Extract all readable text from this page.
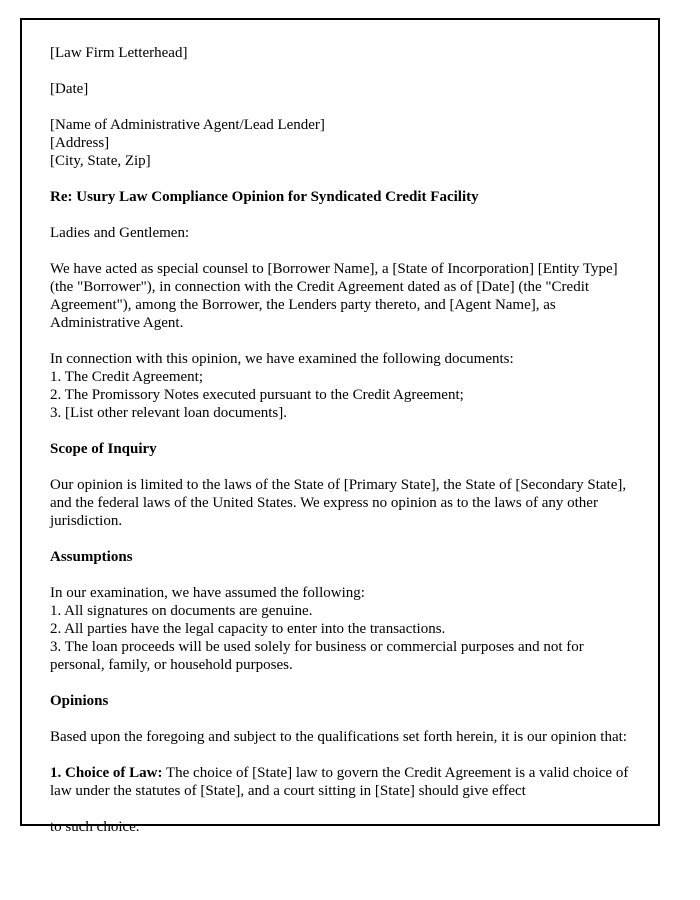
[Law Firm Letterhead]

[Date]

[Name of Administrative Agent/Lead Lender]
[Address]
[City, State, Zip]

Re: Usury Law Compliance Opinion for Syndicated Credit Facility

Ladies and Gentlemen:

We have acted as special counsel to [Borrower Name], a [State of Incorporation] [Entity Type] (the "Borrower"), in connection with the Credit Agreement dated as of [Date] (the "Credit Agreement"), among the Borrower, the Lenders party thereto, and [Agent Name], as Administrative Agent.

In connection with this opinion, we have examined the following documents:
1. The Credit Agreement;
2. The Promissory Notes executed pursuant to the Credit Agreement;
3. [List other relevant loan documents].

Scope of Inquiry

Our opinion is limited to the laws of the State of [Primary State], the State of [Secondary State], and the federal laws of the United States. We express no opinion as to the laws of any other jurisdiction.

Assumptions

In our examination, we have assumed the following:
1. All signatures on documents are genuine.
2. All parties have the legal capacity to enter into the transactions.
3. The loan proceeds will be used solely for business or commercial purposes and not for personal, family, or household purposes.

Opinions

Based upon the foregoing and subject to the qualifications set forth herein, it is our opinion that:

1. Choice of Law: The choice of [State] law to govern the Credit Agreement is a valid choice of law under the statutes of [State], and a court sitting in [State] should give effect

to such choice.
